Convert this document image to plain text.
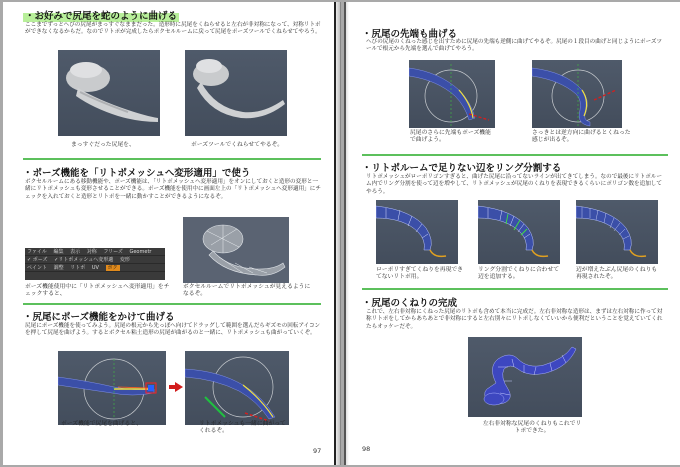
・お好みで尻尾を蛇のように曲げる
ここまでずっとへびの尻尾がまっすぐなままだった。造形時に尻尾をくねらせると左右が非対称になって、対称リトポができなくなるからだ。なのでリトポが完成したらポクセルルームに戻って尻尾をポーズツールでくねらせてやろう。
まっすぐだった尻尾を、	ポーズツールでくねらせてやるぞ。
・ポーズ機能を「リトポメッシュへ変形適用」で使う
ボクセルルームにある移動機能や、ポーズ機能は、「リトポメッシュへ変形適用」をオンにしておくと造形の変形と一緒にリトポメッシュも変形させることができる。ポーズ機能を使用中に画面左上の「リトポメッシュへ変形適用」にチェックを入れておくと造形とリトポを一緒に動かすことができるようになるぞ。
ファイル 編集 表示 対称 フリーズ Geometr
✓ ポーズ ✓リトポメッシュへ変形適 変形
ペイント 調整 リトポ UV ボク
ポーズ機能使用中に「リトポメッシュへ変形適用」をチェックすると、
ボクセルルームでリトポメッシュが見えるようになるぞ。
・尻尾にポーズ機能をかけて曲げる
尻尾にポーズ機能を使ってみよう。尻尾の根元から先っぽへ向けてドラッグして範囲を選んだらギズモの回転アイコンを押して尻尾を曲げよう。するとボクセル粘土造形の尻尾が曲がるのと一緒に、リトポメッシュも曲がっていくぞ。
ポーズ機能で尻尾を曲げると、	リトポメッシュも一緒に曲がってくれるぞ。
97
・尻尾の先端も曲げる
へびの尻尾のくねった感じを出すために尻尾の先端も逆側に曲げてやるぞ。尻尾の１段目の曲げと同じようにポーズツールで根元から先端を選んで曲げてやろう。
尻尾のさらに先端もポーズ機能で曲げよう。
さっきとは逆方向に曲げるとくねった感じが出るぞ。
・リトポルームで足りない辺をリング分割する
リトポメッシュがローポリゴンすぎると、曲げた尻尾に沿ってないラインが出てきてしまう。なので最後にリトポルーム内でリング分割を使って辺を増やして、リトポメッシュが尻尾のくねりを表現できるくらいにポリゴン数を追加してやろう。
ローポリすぎてくねりを再現できてないリトポ用。
リング分割でくねりに合わせて辺を追加する。
辺が増えたぶん尻尾のくねりも再現されたぞ。
・尻尾のくねりの完成
これで、左右非対称にくねった尻尾のリトポも含めて本当に完成だ。左右非対称な造形は、まずは左右対称に作って対称リトポをしてからあちあとで非対称にすると左右別々にリトポしなくていいから便利だということを覚えていてくれたらオッケーだぞ。
左右非対称な尻尾のくねりもこれでリトポできた。
98
